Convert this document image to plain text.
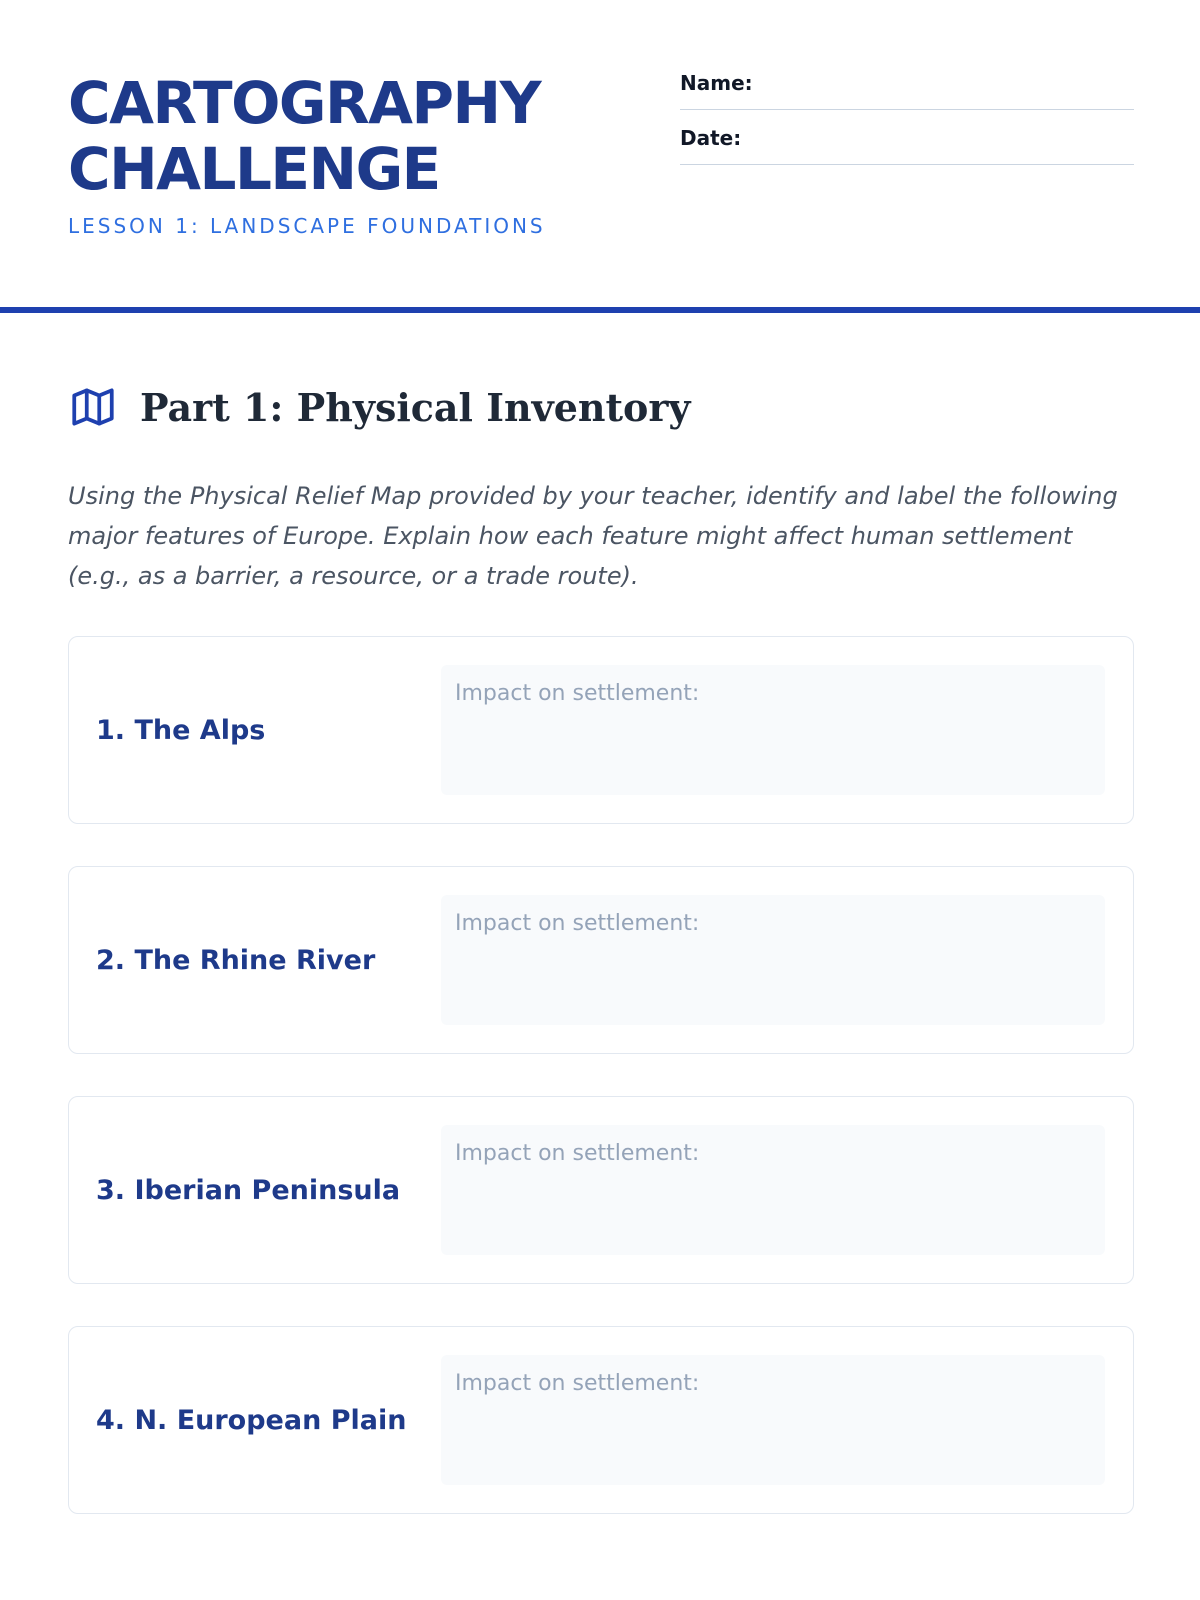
CARTOGRAPHY
CHALLENGE
LESSON 1: LANDSCAPE FOUNDATIONS
Name:
Date:
Part 1: Physical Inventory

Using the Physical Relief Map provided by your teacher, identify and label the following major features of Europe. Explain how each feature might affect human settlement (e.g., as a barrier, a resource, or a trade route).

1. The Alps
Impact on settlement:
2. The Rhine River
Impact on settlement:
3. Iberian Peninsula
Impact on settlement:
4. N. European Plain
Impact on settlement:
